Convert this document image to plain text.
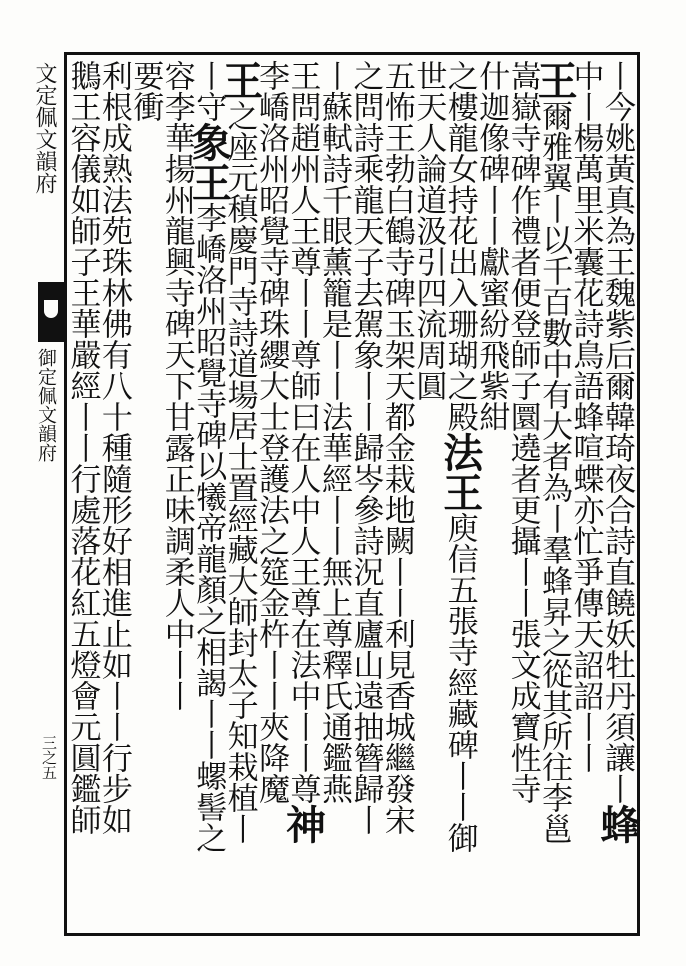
文定佩文韻府
御定佩文韻府
三之五	丨今姚黃真為王魏紫后爾韓琦夜合詩直饒妖牡丹須讓丨蜂
中丨楊萬里米囊花詩鳥語蜂喧蝶亦忙爭傳天詔詔丨丨
王爾雅翼丨以千百數中有大者為丨羣蜂昇之從其所往李邕
嵩嶽寺碑作禮者便登師子圜遶者更攝丨丨張文成寶性寺
什迦像碑丨丨獻蜜紛飛紫紺
之樓龍女持花出入珊瑚之殿法王庾信五張寺經藏碑丨丨御
世天人論道汲引四流周圓
五怖王勃白鶴寺碑玉架天都金栽地闕丨丨利見香城繼發宋
之問詩乘龍天子去駕象丨丨歸岑參詩況直廬山遠抽簪歸丨
丨蘇軾詩千眼薰籠是丨丨法華經丨丨無上尊釋氏通鑑燕
王問趙州人王尊丨丨尊師曰在人中人王尊在法中丨丨尊神
李嶠洛州昭覺寺碑珠纓大士登護法之筵金杵丨丨夾降魔
王之座元稹慶門寺詩道場居士置經藏大師封太子知栽植丨
丨守象王李嶠洛州昭覺寺碑以犧帝龍顏之相謁丨丨螺髻之
容李華揚州龍興寺碑天下甘露正味調柔人中丨丨
要衝
利根成熟法苑珠林佛有八十種隨形好相進止如丨丨行步如
鵝王容儀如師子王華嚴經丨丨行處落花紅五燈會元圓鑑師
